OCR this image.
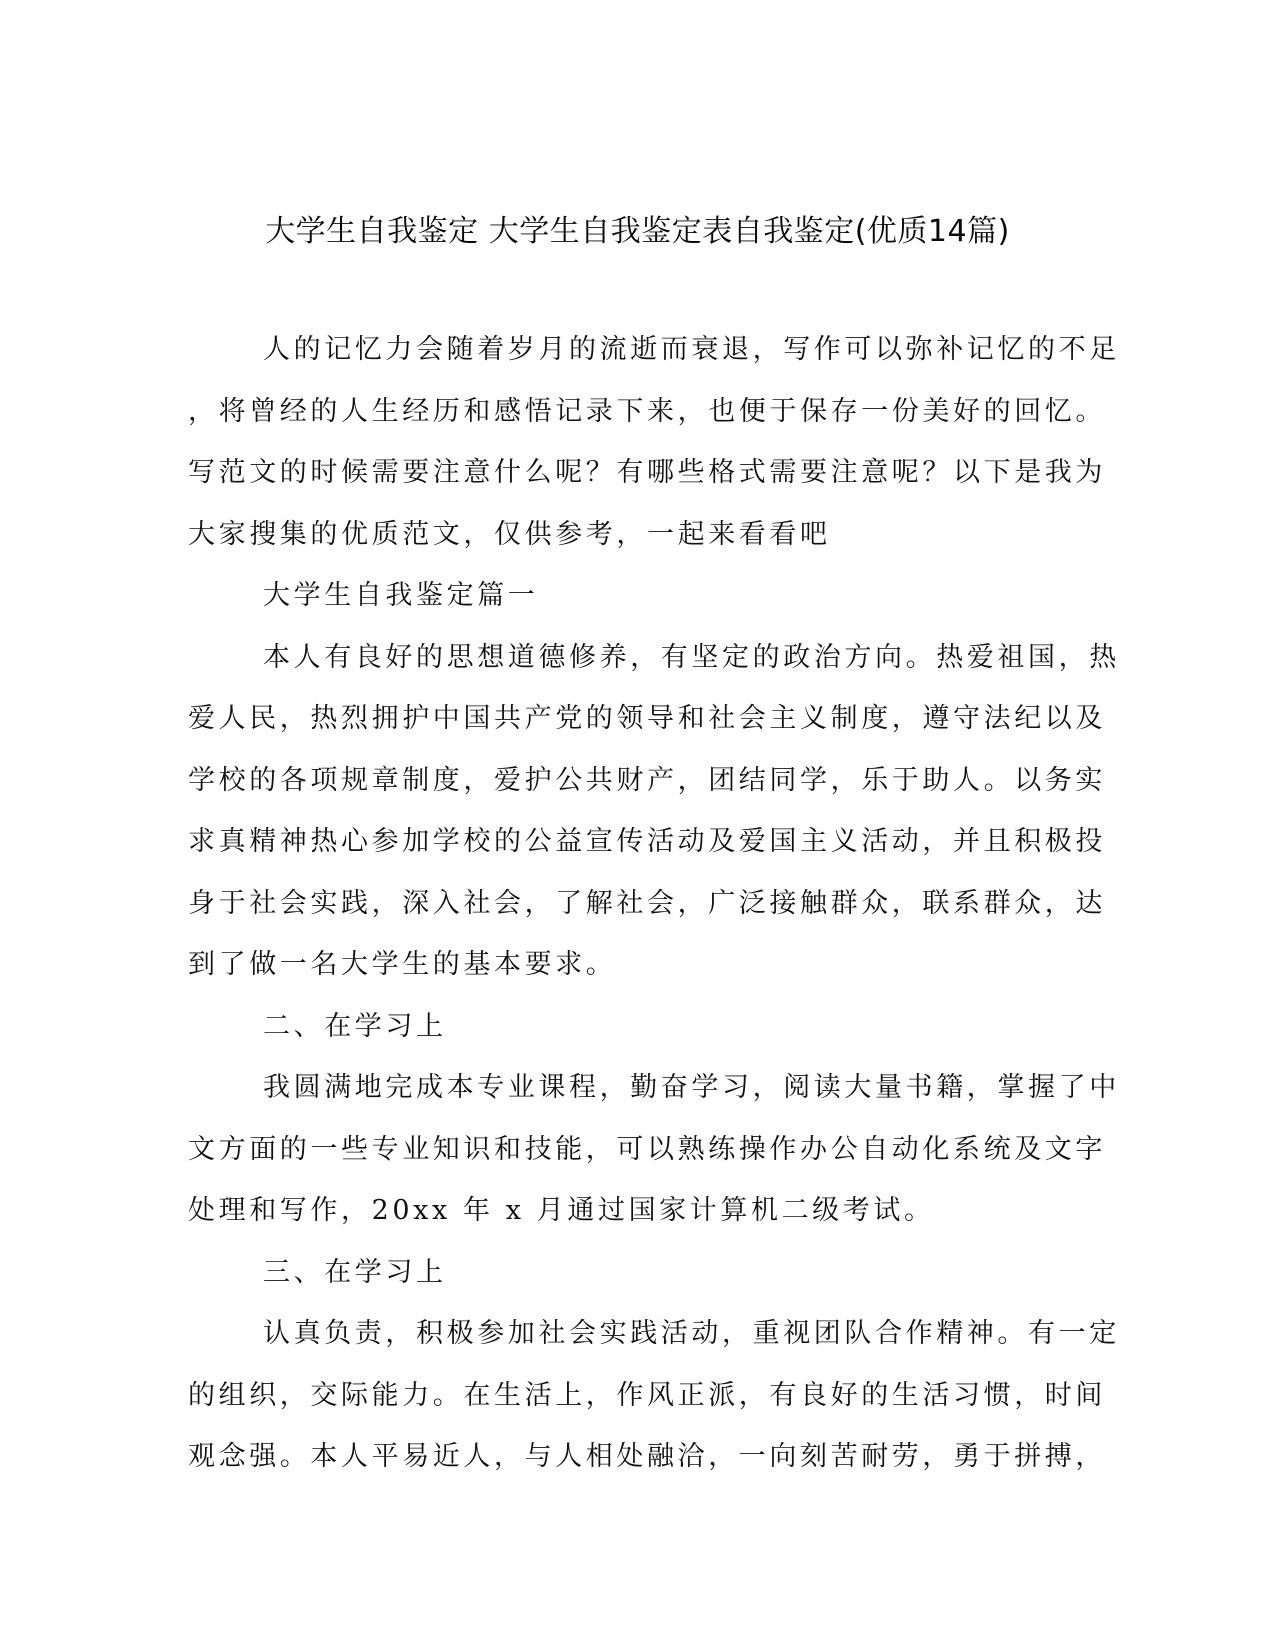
大学生自我鉴定 大学生自我鉴定表自我鉴定(优质14篇)
人的记忆力会随着岁月的流逝而衰退，写作可以弥补记忆的不足
，将曾经的人生经历和感悟记录下来，也便于保存一份美好的回忆。
写范文的时候需要注意什么呢？有哪些格式需要注意呢？以下是我为
大家搜集的优质范文，仅供参考，一起来看看吧
大学生自我鉴定篇一
本人有良好的思想道德修养，有坚定的政治方向。热爱祖国，热
爱人民，热烈拥护中国共产党的领导和社会主义制度，遵守法纪以及
学校的各项规章制度，爱护公共财产，团结同学，乐于助人。以务实
求真精神热心参加学校的公益宣传活动及爱国主义活动，并且积极投
身于社会实践，深入社会，了解社会，广泛接触群众，联系群众，达
到了做一名大学生的基本要求。
二、在学习上
我圆满地完成本专业课程，勤奋学习，阅读大量书籍，掌握了中
文方面的一些专业知识和技能，可以熟练操作办公自动化系统及文字
处理和写作，20xx 年 x 月通过国家计算机二级考试。
三、在学习上
认真负责，积极参加社会实践活动，重视团队合作精神。有一定
的组织，交际能力。在生活上，作风正派，有良好的生活习惯，时间
观念强。本人平易近人，与人相处融洽，一向刻苦耐劳，勇于拼搏，
